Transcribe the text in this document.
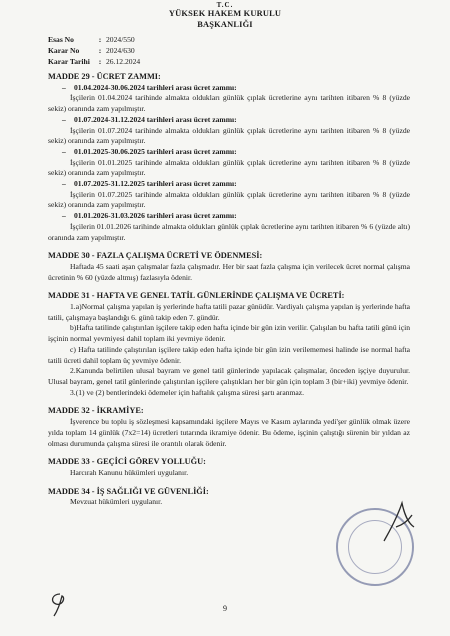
T.C.
YÜKSEK HAKEM KURULU
BAŞKANLIĞI
Esas No	: 2024/550
Karar No	: 2024/630
Karar Tarihi	: 26.12.2024

MADDE 29 - ÜCRET ZAMMI:

– 01.04.2024-30.06.2024 tarihleri arası ücret zammı:

İşçilerin 01.04.2024 tarihinde almakta oldukları günlük çıplak ücretlerine aynı tarihten itibaren % 8 (yüzde sekiz) oranında zam yapılmıştır.

– 01.07.2024-31.12.2024 tarihleri arası ücret zammı:

İşçilerin 01.07.2024 tarihinde almakta oldukları günlük çıplak ücretlerine aynı tarihten itibaren % 8 (yüzde sekiz) oranında zam yapılmıştır.

– 01.01.2025-30.06.2025 tarihleri arası ücret zammı:

İşçilerin 01.01.2025 tarihinde almakta oldukları günlük çıplak ücretlerine aynı tarihten itibaren % 8 (yüzde sekiz) oranında zam yapılmıştır.

– 01.07.2025-31.12.2025 tarihleri arası ücret zammı:

İşçilerin 01.07.2025 tarihinde almakta oldukları günlük çıplak ücretlerine aynı tarihten itibaren % 8 (yüzde sekiz) oranında zam yapılmıştır.

– 01.01.2026-31.03.2026 tarihleri arası ücret zammı:

İşçilerin 01.01.2026 tarihinde almakta oldukları günlük çıplak ücretlerine aynı tarihten itibaren % 6 (yüzde altı) oranında zam yapılmıştır.

MADDE 30 - FAZLA ÇALIŞMA ÜCRETİ VE ÖDENMESİ:

Haftada 45 saati aşan çalışmalar fazla çalışmadır. Her bir saat fazla çalışma için verilecek ücret normal çalışma ücretinin % 60 (yüzde altmış) fazlasıyla ödenir.

MADDE 31 - HAFTA VE GENEL TATİL GÜNLERİNDE ÇALIŞMA VE ÜCRETİ:

1.a)Normal çalışma yapılan iş yerlerinde hafta tatili pazar günüdür. Vardiyalı çalışma yapılan iş yerlerinde hafta tatili, çalışmaya başlandığı 6. günü takip eden 7. gündür.

b)Hafta tatilinde çalıştırılan işçilere takip eden hafta içinde bir gün izin verilir. Çalışılan bu hafta tatili günü için işçinin normal yevmiyesi dahil toplam iki yevmiye ödenir.

c) Hafta tatilinde çalıştırılan işçilere takip eden hafta içinde bir gün izin verilememesi halinde ise normal hafta tatili ücreti dahil toplam üç yevmiye ödenir.

2.Kanunda belirtilen ulusal bayram ve genel tatil günlerinde yapılacak çalışmalar, önceden işçiye duyurulur. Ulusal bayram, genel tatil günlerinde çalıştırılan işçilere çalıştıkları her bir gün için toplam 3 (bir+iki) yevmiye ödenir.

3.(1) ve (2) bentlerindeki ödemeler için haftalık çalışma süresi şartı aranmaz.

MADDE 32 - İKRAMİYE:

İşverence bu toplu iş sözleşmesi kapsamındaki işçilere Mayıs ve Kasım aylarında yedi'şer günlük olmak üzere yılda toplam 14 günlük (7x2=14) ücretleri tutarında ikramiye ödenir. Bu ödeme, işçinin çalıştığı sürenin bir yıldan az olması durumunda çalışma süresi ile orantılı olarak ödenir.

MADDE 33 - GEÇİCİ GÖREV YOLLUĞU:

Harcırah Kanunu hükümleri uygulanır.

MADDE 34 - İŞ SAĞLIĞI VE GÜVENLİĞİ:

Mevzuat hükümleri uygulanır.

9
